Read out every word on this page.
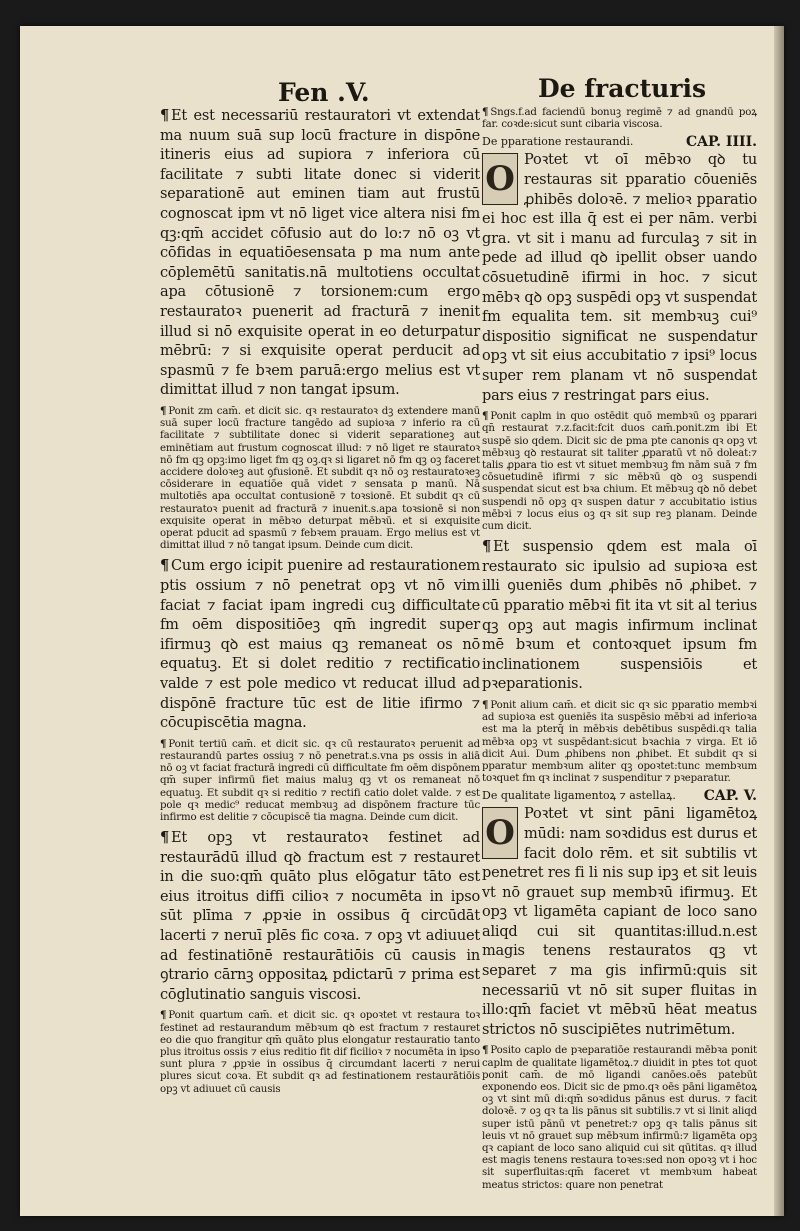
Fen .V.	De fracturis

¶ Et est necessariū restauratori vt extendat ma nuum suā sup locū fracture in dispōne itineris eius ad supiora ⁊ inferiora cū facilitate ⁊ subti litate donec si viderit separationē aut eminen tiam aut frustū cognoscat ipm vt nō liget vice altera nisi fm qꝫ:qm̄ accidet cōfusio aut do lo:⁊ nō oꝫ vt cōfidas in equatiōesensata p ma num ante cōplemētū sanitatis.nā multotiens occultat apa cōtusionē ⁊ torsionem:cum ergo restauratoꝛ puenerit ad fracturā ⁊ inenit illud si nō exquisite operat in eo deturpatur mēbrū: ⁊ si exquisite operat perducit ad spasmū ⁊ fe bꝛem paruā:ergo melius est vt dimittat illud ⁊ non tangat ipsum.

¶ Ponit zm cam̄. et dicit sic. qꝛ restauratoꝛ dꝫ extendere manū suā super locū fracture tangēdo ad supioꝛa ⁊ inferio ra cū facilitate ⁊ subtilitate donec si viderit separationeꝫ aut eminētiam aut frustum cognoscat illud: ⁊ nō liget re stauratoꝛ nō fm qꝫ opꝫ:imo liget fm qꝫ oꝫ.qꝛ si ligaret nō fm qꝫ oꝫ faceret accidere doloꝛeꝫ aut ꝯfusionē. Et subdit qꝛ nō oꝫ restauratoꝛeꝫ cōsiderare in equatiōe quā videt ⁊ sensata p manū. Nā multotiēs apa occultat contusionē ⁊ toꝛsionē. Et subdit qꝛ cū restauratoꝛ puenit ad fracturā ⁊ inuenit.s.apa toꝛsionē si non exquisite operat in mēbꝛo deturpat mēbꝛū. et si exquisite operat pducit ad spasmū ⁊ febꝛem prauam. Ergo melius est vt dimittat illud ⁊ nō tangat ipsum. Deinde cum dicit.

¶ Cum ergo icipit puenire ad restaurationem ptis ossium ⁊ nō penetrat opꝫ vt nō vim faciat ⁊ faciat ipam ingredi cuꝫ difficultate fm oēm dispositiōeꝫ qm̄ ingredit super ifirmuꝫ qꝺ est maius qꝫ remaneat os nō equatuꝫ. Et si dolet reditio ⁊ rectificatio valde ⁊ est pole medico vt reducat illud ad dispōnē fracture tūc est de litie ifirmo ⁊ cōcupiscētia magna.

¶ Ponit tertiū cam̄. et dicit sic. qꝛ cū restauratoꝛ peruenit ad restaurandū partes ossiuꝫ ⁊ nō penetrat.s.vna ps ossis in aliā nō oꝫ vt faciat fracturā ingredi cū difficultate fm oēm dispōnem qm̄ super infirmū fiet maius maluꝫ qꝫ vt os remaneat nō equatuꝫ. Et subdit qꝛ si reditio ⁊ rectifi catio dolet valde. ⁊ est pole qꝛ medic⁹ reducat membꝛuꝫ ad dispōnem fracture tūc infirmo est delitie ⁊ cōcupiscē tia magna. Deinde cum dicit.

¶ Et opꝫ vt restauratoꝛ festinet ad restaurādū illud qꝺ fractum est ⁊ restauret in die suo:qm̄ quāto plus elōgatur tāto est eius itroitus diffi cilioꝛ ⁊ nocumēta in ipso sūt plīma ⁊ ꝓpꝛie in ossibus q̄ circūdāt lacerti ⁊ neruī plēs fic coꝛa. ⁊ opꝫ vt adiuuet ad festinatiōnē restaurātiōis cū causis in ꝯtrario cārnꝫ oppositaꝝ pdictarū ⁊ prima est cōglutinatio sanguis viscosi.

¶ Ponit quartum cam̄. et dicit sic. qꝛ opoꝛtet vt restaura toꝛ festinet ad restaurandum mēbꝛum qꝺ est fractum ⁊ restauret eo die quo frangitur qm̄ quāto plus elongatur restauratio tanto plus itroitus ossis ⁊ eius reditio fit dif ficilioꝛ ⁊ nocumēta in ipso sunt plura ⁊ ꝓpꝛie in ossibus q̄ circumdant lacerti ⁊ nerui plures sicut coꝛa. Et subdit qꝛ ad festinationem restaurātiōis opꝫ vt adiuuet cū causis

¶ Sngs.f.ad faciendū bonuꝫ regimē ⁊ ad gnandū poꝝ far. coꝛde:sicut sunt cibaria viscosa.

De pparatione restaurandi.	CAP. IIII.

O Poꝛtet vt oī mēbꝛo qꝺ tu restauras sit pparatio cōueniēs ꝓhibēs doloꝛē. ⁊ melioꝛ pparatio ei hoc est illa q̄ est ei per nām. verbi gra. vt sit i manu ad furculaꝫ ⁊ sit in pede ad illud qꝺ ipellit obser uando cōsuetudinē ifirmi in hoc. ⁊ sicut mēbꝛ qꝺ opꝫ suspēdi opꝫ vt suspendat fm equalita tem. sit membꝛuꝫ cui⁹ dispositio significat ne suspendatur opꝫ vt sit eius accubitatio ⁊ ipsi⁹ locus super rem planam vt nō suspendat pars eius ⁊ restringat pars eius.

¶ Ponit caplm in quo ostēdit quō membꝛū oꝫ pparari qn̄ restaurat ⁊.z.facit:fcit duos cam̄.ponit.zm ibi Et suspē sio qdem. Dicit sic de pma pte canonis qꝛ opꝫ vt mēbꝛuꝫ qꝺ restaurat sit taliter ꝓparatū vt nō doleat:⁊ talis ꝓpara tio est vt situet membꝛuꝫ fm nām suā ⁊ fm cōsuetudinē ifirmi ⁊ sic mēbꝛū qꝺ oꝫ suspendi suspendat sicut est bꝛa chium. Et mēbꝛuꝫ qꝺ nō debet suspendi nō opꝫ qꝛ suspen datur ⁊ accubitatio istius mēbꝛi ⁊ locus eius oꝫ qꝛ sit sup reꝫ planam. Deinde cum dicit.

¶ Et suspensio qdem est mala oī restaurato sic ipulsio ad supioꝛa est illi ꝯueniēs dum ꝓhibēs nō ꝓhibet. ⁊ cū pparatio mēbꝛi fit ita vt sit al terius qꝫ opꝫ aut magis infirmum inclinat mē bꝛum et contoꝛquet ipsum fm inclinationem suspensiōis et pꝛeparationis.

¶ Ponit alium cam̄. et dicit sic qꝛ sic pparatio membꝛi ad supioꝛa est ꝯueniēs ita suspēsio mēbꝛi ad inferioꝛa est ma la pterq̄ in mēbꝛis debētibus suspēdi.qꝛ talia mēbꝛa opꝫ vt suspēdant:sicut bꝛachia ⁊ virga. Et iō dicit Aui. Dum ꝓhibens non ꝓhibet. Et subdit qꝛ si pparatur membꝛum aliter qꝫ opoꝛtet:tunc membꝛum toꝛquet fm qꝛ inclinat ⁊ suspenditur ⁊ pꝛeparatur.

De qualitate ligamentoꝝ ⁊ astellaꝝ. CAP. V.

O Poꝛtet vt sint pāni ligamētoꝝ mūdi: nam soꝛdidus est durus et facit dolo rēm. et sit subtilis vt penetret res fi li nis sup ipꝫ et sit leuis vt nō grauet sup membꝛū ifirmuꝫ. Et opꝫ vt ligamēta capiant de loco sano aliqd cui sit quantitas:illud.n.est magis tenens restauratos qꝫ vt separet ⁊ ma gis infirmū:quis sit necessariū vt nō sit super fluitas in illo:qm̄ faciet vt mēbꝛū hēat meatus strictos nō suscipiētes nutrimētum.

¶ Posito caplo de pꝛeparatiōe restaurandi mēbꝛa ponit caplm de qualitate ligamētoꝝ.⁊ diuidit in ptes tot quot ponit cam̄. de mō ligandi canōes.oēs patebūt exponendo eos. Dicit sic de pmo.qꝛ oēs pāni ligamētoꝝ oꝫ vt sint mū di:qm̄ soꝛdidus pānus est durus. ⁊ facit doloꝛē. ⁊ oꝫ qꝛ ta lis pānus sit subtilis.⁊ vt si linit aliqd super istū pānū vt penetret:⁊ opꝫ qꝛ talis pānus sit leuis vt nō grauet sup mēbꝛum infirmū:⁊ ligamēta opꝫ qꝛ capiant de loco sano aliquid cui sit qūtitas. qꝛ illud est magis tenens restaura toꝛes:sed non opoꝛꝫ vt i hoc sit superfluitas:qm̄ faceret vt membꝛum habeat meatus strictos: quare non penetrat
